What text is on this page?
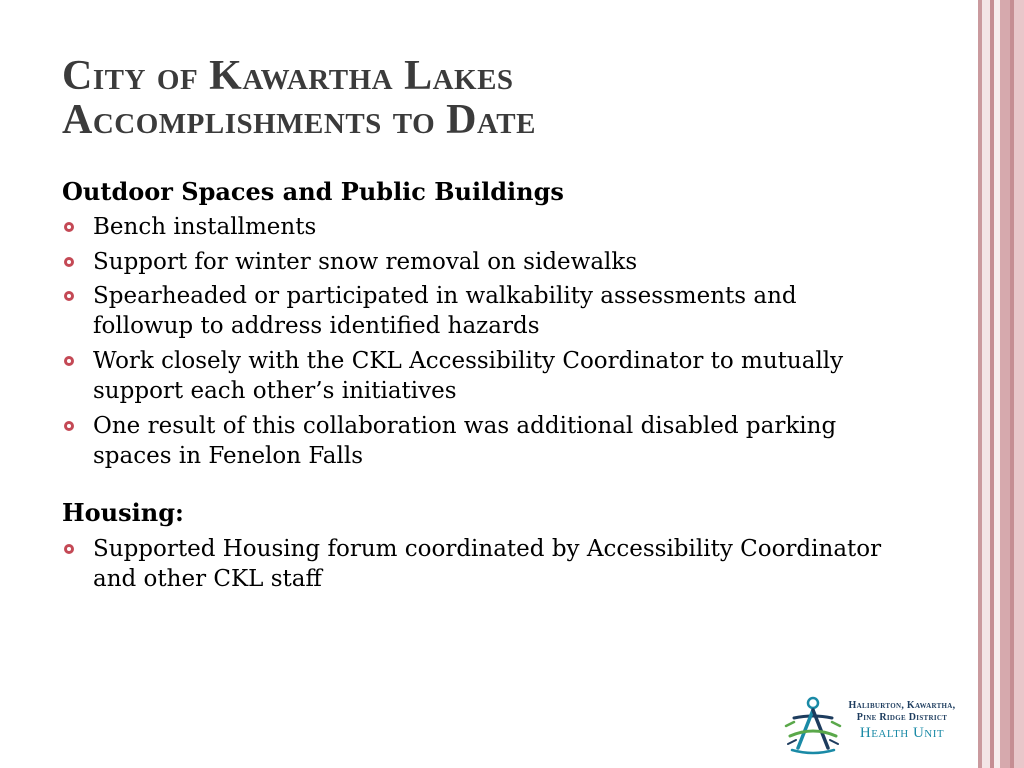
City of Kawartha Lakes
Accomplishments to Date
Outdoor Spaces and Public Buildings
Bench installments
Support for winter snow removal on sidewalks
Spearheaded or participated in walkability assessments and followup to address identified hazards
Work closely with the CKL Accessibility Coordinator to mutually support each other’s initiatives
One result of this collaboration was additional disabled parking spaces in Fenelon Falls
Housing:
Supported Housing forum coordinated by Accessibility Coordinator and other CKL staff
Haliburton, Kawartha,
Pine Ridge District
Health Unit
